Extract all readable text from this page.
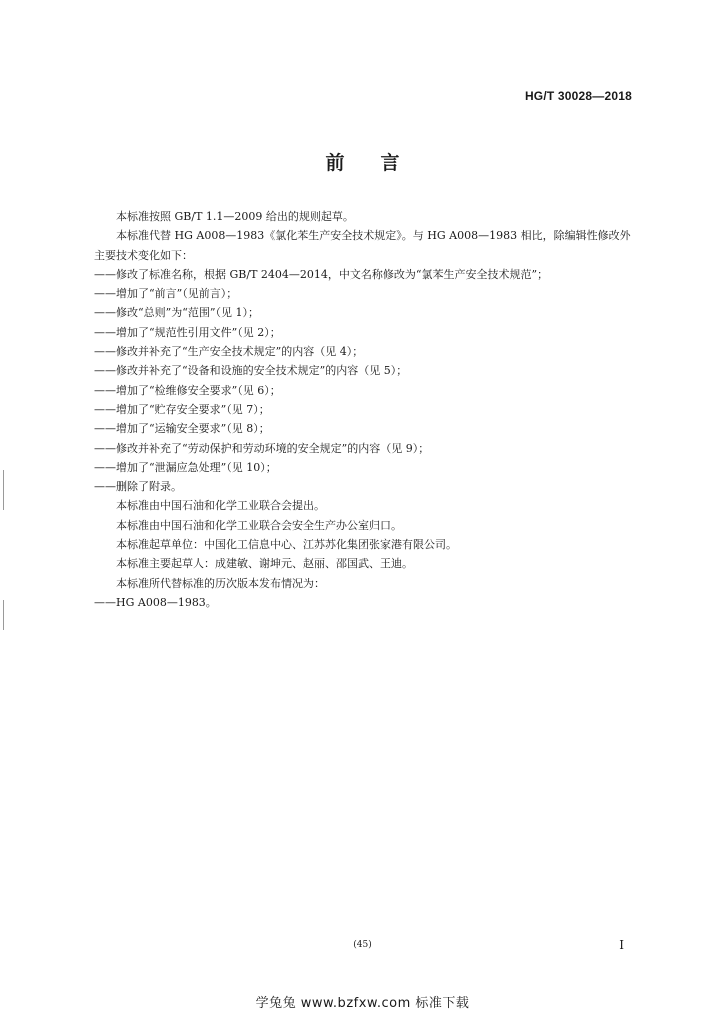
HG/T 30028—2018
前言

本标准按照 GB/T 1.1—2009 给出的规则起草。

本标准代替 HG A008—1983《氯化苯生产安全技术规定》。与 HG A008—1983 相比，除编辑性修改外主要技术变化如下：

——修改了标准名称，根据 GB/T 2404—2014，中文名称修改为“氯苯生产安全技术规范”；

——增加了“前言”（见前言）；

——修改“总则”为“范围”（见 1）；

——增加了“规范性引用文件”（见 2）；

——修改并补充了“生产安全技术规定”的内容（见 4）；

——修改并补充了“设备和设施的安全技术规定”的内容（见 5）；

——增加了“检维修安全要求”（见 6）；

——增加了“贮存安全要求”（见 7）；

——增加了“运输安全要求”（见 8）；

——修改并补充了“劳动保护和劳动环境的安全规定”的内容（见 9）；

——增加了“泄漏应急处理”（见 10）；

——删除了附录。

本标准由中国石油和化学工业联合会提出。

本标准由中国石油和化学工业联合会安全生产办公室归口。

本标准起草单位：中国化工信息中心、江苏苏化集团张家港有限公司。

本标准主要起草人：成建敏、谢坤元、赵丽、邵国武、王迪。

本标准所代替标准的历次版本发布情况为：

——HG A008—1983。

(45)	I
学兔兔 www.bzfxw.com 标准下载
